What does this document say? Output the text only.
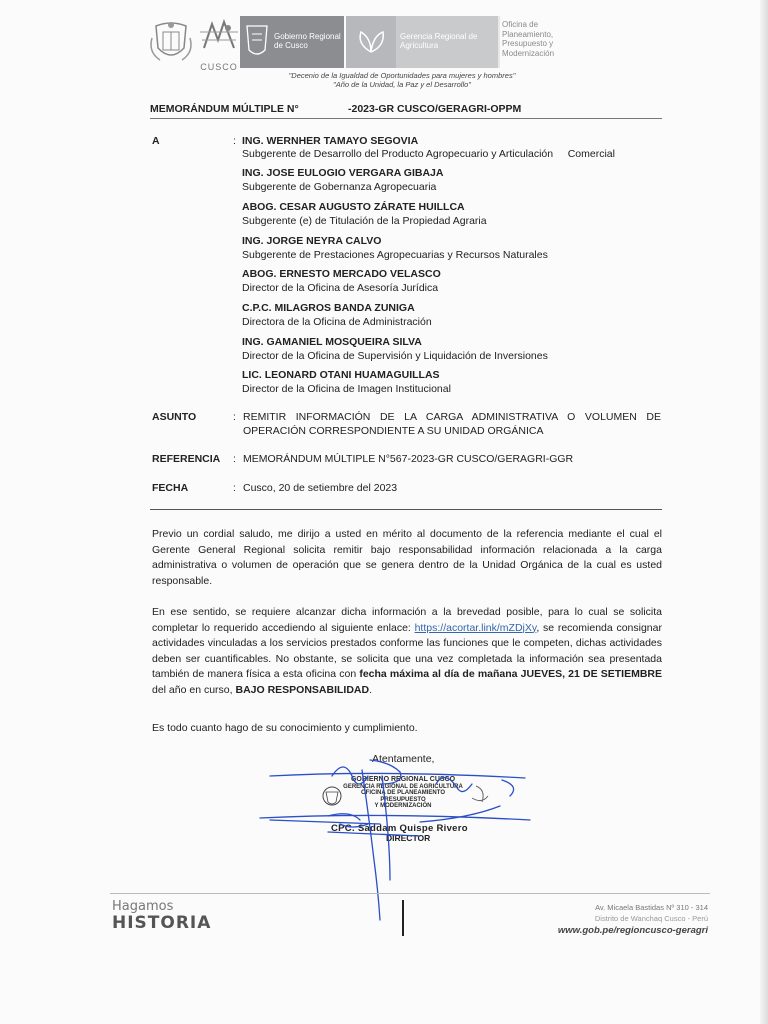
CUSCO
Gobierno Regional de Cusco
Gerencia Regional de Agricultura
Oficina de Planeamiento, Presupuesto y Modernización
"Decenio de la Igualdad de Oportunidades para mujeres y hombres"
"Año de la Unidad, la Paz y el Desarrollo"
MEMORÁNDUM MÚLTIPLE N°	-2023-GR CUSCO/GERAGRI-OPPM
A	: ING. WERNHER TAMAYO SEGOVIA
Subgerente de Desarrollo del Producto Agropecuario y Articulación     Comercial
ING. JOSE EULOGIO VERGARA GIBAJA
Subgerente de Gobernanza Agropecuaria
ABOG. CESAR AUGUSTO ZÁRATE HUILLCA
Subgerente (e) de Titulación de la Propiedad Agraria
ING. JORGE NEYRA CALVO
Subgerente de Prestaciones Agropecuarias y Recursos Naturales
ABOG. ERNESTO MERCADO VELASCO
Director de la Oficina de Asesoría Jurídica
C.P.C. MILAGROS BANDA ZUNIGA
Directora de la Oficina de Administración
ING. GAMANIEL MOSQUEIRA SILVA
Director de la Oficina de Supervisión y Liquidación de Inversiones
LIC. LEONARD OTANI HUAMAGUILLAS
Director de la Oficina de Imagen Institucional
ASUNTO	: REMITIR INFORMACIÓN DE LA CARGA ADMINISTRATIVA O VOLUMEN DE OPERACIÓN CORRESPONDIENTE A SU UNIDAD ORGÁNICA
REFERENCIA : MEMORÁNDUM MÚLTIPLE N°567-2023-GR CUSCO/GERAGRI-GGR
FECHA	: Cusco, 20 de setiembre del 2023
Previo un cordial saludo, me dirijo a usted en mérito al documento de la referencia mediante el cual el Gerente General Regional solicita remitir bajo responsabilidad información relacionada a la carga administrativa o volumen de operación que se genera dentro de la Unidad Orgánica de la cual es usted responsable.
En ese sentido, se requiere alcanzar dicha información a la brevedad posible, para lo cual se solicita completar lo requerido accediendo al siguiente enlace: https://acortar.link/mZDjXy, se recomienda consignar actividades vinculadas a los servicios prestados conforme las funciones que le competen, dichas actividades deben ser cuantificables. No obstante, se solicita que una vez completada la información sea presentada también de manera física a esta oficina con fecha máxima al día de mañana JUEVES, 21 DE SETIEMBRE del año en curso, BAJO RESPONSABILIDAD.
Es todo cuanto hago de su conocimiento y cumplimiento.
Atentamente,
GOBIERNO REGIONAL CUSCO
GERENCIA REGIONAL DE AGRICULTURA
OFICINA DE PLANEAMIENTO PRESUPUESTO
Y MODERNIZACIÓN
CPC. Saddam Quispe Rivero
DIRECTOR
Hagamos
HISTORIA
Av. Micaela Bastidas Nº 310 - 314
Distrito de Wanchaq Cusco - Perú
www.gob.pe/regioncusco-geragri
